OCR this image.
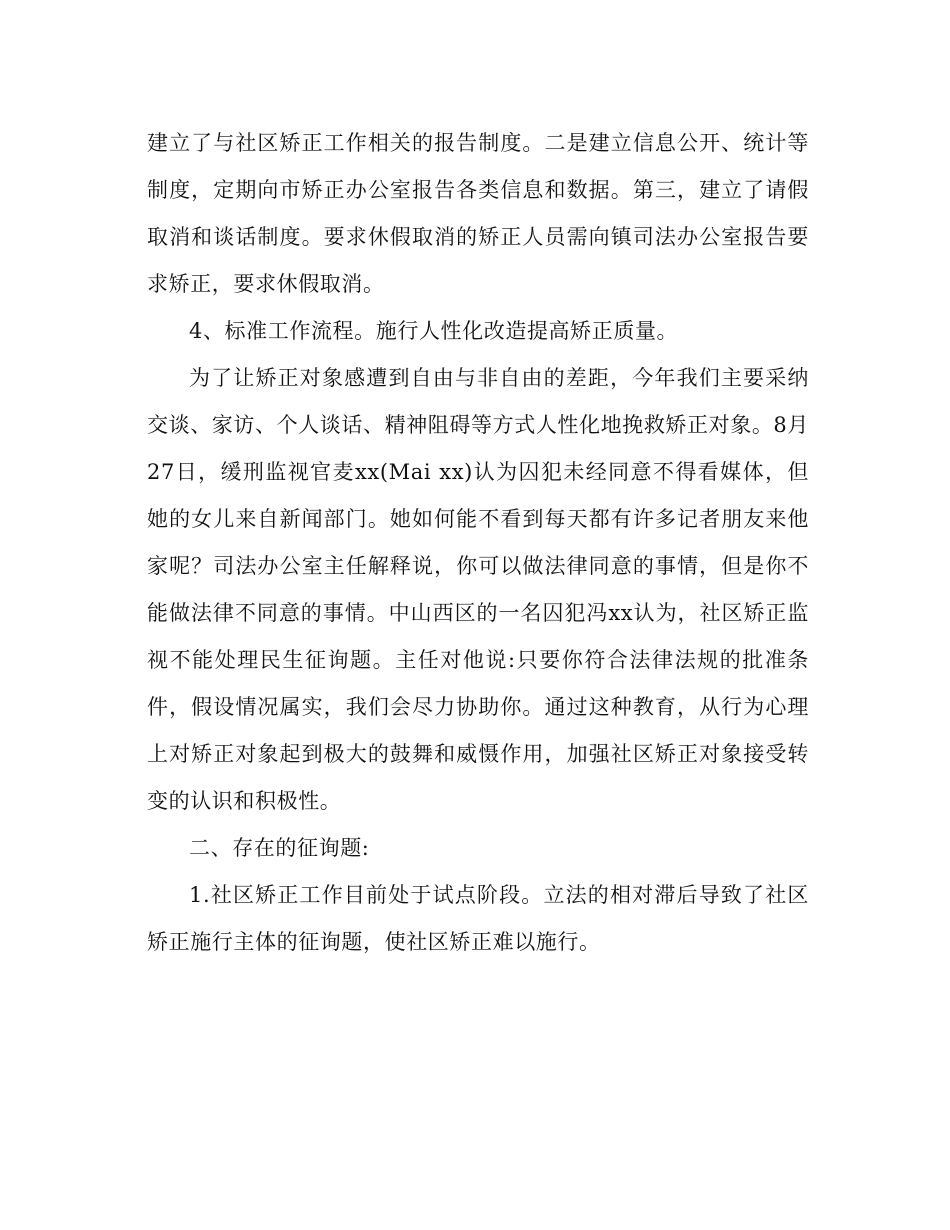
建立了与社区矫正工作相关的报告制度。二是建立信息公开、统计等制度，定期向市矫正办公室报告各类信息和数据。第三，建立了请假取消和谈话制度。要求休假取消的矫正人员需向镇司法办公室报告要求矫正，要求休假取消。

4、标准工作流程。施行人性化改造提高矫正质量。

为了让矫正对象感遭到自由与非自由的差距，今年我们主要采纳交谈、家访、个人谈话、精神阻碍等方式人性化地挽救矫正对象。8月27日，缓刑监视官麦xx(Mai xx)认为囚犯未经同意不得看媒体，但她的女儿来自新闻部门。她如何能不看到每天都有许多记者朋友来他家呢？司法办公室主任解释说，你可以做法律同意的事情，但是你不能做法律不同意的事情。中山西区的一名囚犯冯xx认为，社区矫正监视不能处理民生征询题。主任对他说:只要你符合法律法规的批准条件，假设情况属实，我们会尽力协助你。通过这种教育，从行为心理上对矫正对象起到极大的鼓舞和威慑作用，加强社区矫正对象接受转变的认识和积极性。

二、存在的征询题:

1.社区矫正工作目前处于试点阶段。立法的相对滞后导致了社区矫正施行主体的征询题，使社区矫正难以施行。
